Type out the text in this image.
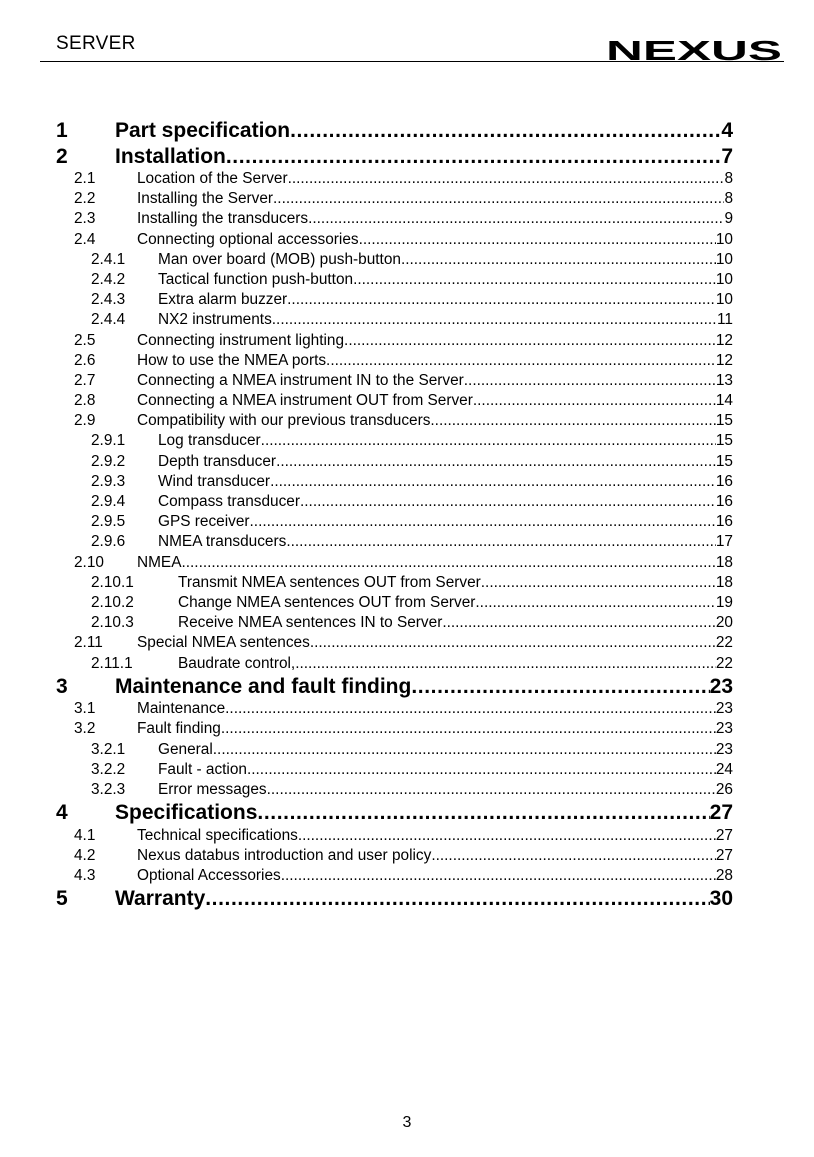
SERVER	NEXUS
1 Part specification .....	4
2 Installation .....	7
2.1	Location of the Server .....	8
2.2	Installing the Server .....	8
2.3	Installing the transducers .....	9
2.4	Connecting optional accessories .....	10
2.4.1 Man over board (MOB) push-button .....	10
2.4.2 Tactical function push-button .....	10
2.4.3 Extra alarm buzzer .....	10
2.4.4 NX2 instruments .....	11
2.5	Connecting instrument lighting .....	12
2.6	How to use the NMEA ports .....	12
2.7	Connecting a NMEA instrument IN to the Server .....	13
2.8	Connecting a NMEA instrument OUT from Server .....	14
2.9	Compatibility with our previous transducers .....	15
2.9.1 Log transducer .....	15
2.9.2 Depth transducer .....	15
2.9.3 Wind transducer .....	16
2.9.4 Compass transducer .....	16
2.9.5 GPS receiver .....	16
2.9.6 NMEA transducers .....	17
2.10 NMEA .....	18
2.10.1	Transmit NMEA sentences OUT from Server .....	18
2.10.2	Change NMEA sentences OUT from Server .....	19
2.10.3	Receive NMEA sentences IN to Server .....	20
2.11 Special NMEA sentences .....	22
2.11.1	Baudrate control, .....	22
3 Maintenance and fault finding .....	23
3.1	Maintenance .....	23
3.2	Fault finding .....	23
3.2.1 General .....	23
3.2.2 Fault - action .....	24
3.2.3 Error messages .....	26
4 Specifications .....	27
4.1	Technical specifications .....	27
4.2	Nexus databus introduction and user policy .....	27
4.3	Optional Accessories .....	28
5 Warranty .....	30
3
